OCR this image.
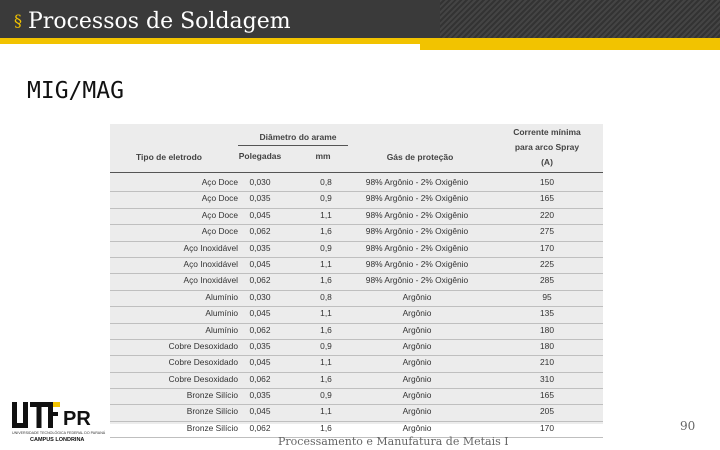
§ Processos de Soldagem
MIG/MAG
Diâmetro do arame
Tipo de eletrodo	Polegadas	mm	Gás de proteção
Corrente mínima
para arco Spray
(A)
Aço Doce	0,030	0,8	98% Argônio - 2% Oxigênio	150
Aço Doce	0,035	0,9	98% Argônio - 2% Oxigênio	165
Aço Doce	0,045	1,1	98% Argônio - 2% Oxigênio	220
Aço Doce	0,062	1,6	98% Argônio - 2% Oxigênio	275
Aço Inoxidável	0,035	0,9	98% Argônio - 2% Oxigênio	170
Aço Inoxidável	0,045	1,1	98% Argônio - 2% Oxigênio	225
Aço Inoxidável	0,062	1,6	98% Argônio - 2% Oxigênio	285
Alumínio	0,030	0,8	Argônio	95
Alumínio	0,045	1,1	Argônio	135
Alumínio	0,062	1,6	Argônio	180
Cobre Desoxidado	0,035	0,9	Argônio	180
Cobre Desoxidado	0,045	1,1	Argônio	210
Cobre Desoxidado	0,062	1,6	Argônio	310
Bronze Silício	0,035	0,9	Argônio	165
Bronze Silício	0,045	1,1	Argônio	205
Bronze Silício	0,062	1,6	Argônio	170
PR
UNIVERSIDADE TECNOLÓGICA FEDERAL DO PARANÁ
CAMPUS LONDRINA	Processamento e Manufatura de Metais I
90
